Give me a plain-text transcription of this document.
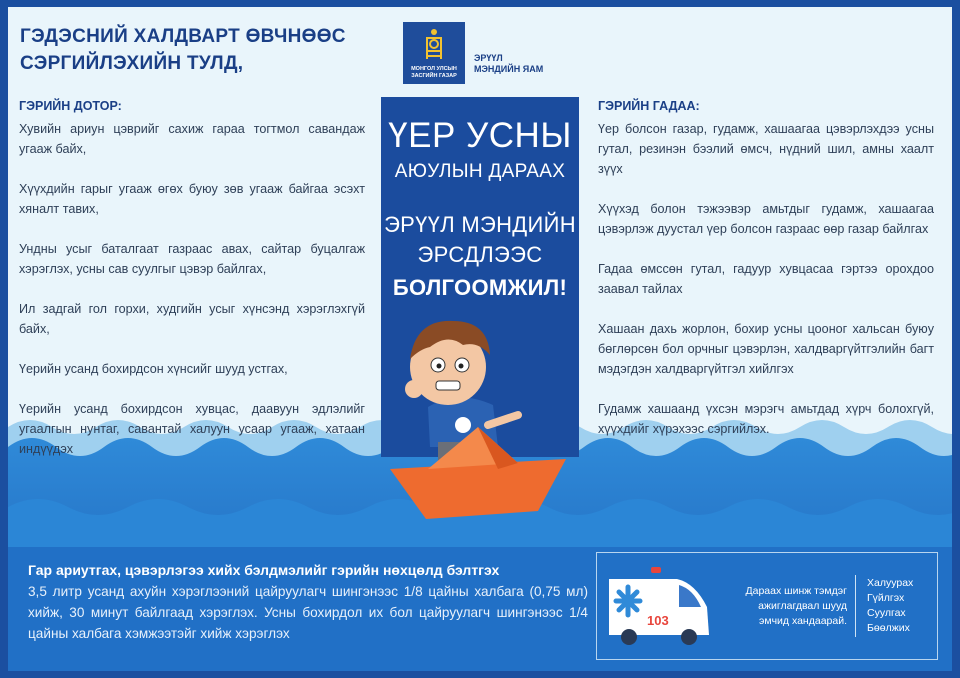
ГЭДЭСНИЙ ХАЛДВАРТ ӨВЧНӨӨС
СЭРГИЙЛЭХИЙН ТУЛД,	МОНГОЛ УЛСЫН
ЗАСГИЙН ГАЗАР
ЭРҮҮЛ
МЭНДИЙН ЯАМ
ГЭРИЙН ДОТОР:

Хувийн ариун цэврийг сахиж гараа тогтмол савандаж угааж байх,

Хүүхдийн гарыг угааж өгөх буюу зөв угааж байгаа эсэхт хяналт тавих,

Ундны усыг баталгаат газраас авах, сайтар буцалгаж хэрэглэх, усны сав суулгыг цэвэр байлгах,

Ил задгай гол горхи, худгийн усыг хүнсэнд хэрэглэхгүй байх,

Үерийн усанд бохирдсон хүнсийг шууд устгах,

Үерийн усанд бохирдсон хувцас, даавуун эдлэлийг угаалгын нунтаг, савантай халуун усаар угааж, хатаан индүүдэх

ГЭРИЙН ГАДАА:

Үер болсон газар, гудамж, хашаагаа цэвэрлэхдээ усны гутал, резинэн бээлий өмсч, нүдний шил, амны хаалт зүүх

Хүүхэд болон тэжээвэр амьтдыг гудамж, хашаагаа цэвэрлэж дуустал үер болсон газраас өөр газар байлгах

Гадаа өмссөн гутал, гадуур хувцасаа гэртээ орохдоо заавал тайлах

Хашаан дахь жорлон, бохир усны цооног хальсан буюу бөглөрсөн бол орчныг цэвэрлэн, халдваргүйтгэлийн багт мэдэгдэн халдваргүйтгэл хийлгэх

Гудамж хашаанд үхсэн мэрэгч амьтдад хүрч болохгүй, хүүхдийг хүрэхээс сэргийлэх.

ҮЕР УСНЫ
АЮУЛЫН ДАРААХ
ЭРҮҮЛ МЭНДИЙН
ЭРСДЛЭЭС
БОЛГООМЖИЛ!
Гар ариутгах, цэвэрлэгээ хийх бэлдмэлийг гэрийн нөхцөлд бэлтгэх

3,5 литр усанд ахуйн хэрэглээний цайруулагч шингэнээс 1/8 цайны халбага (0,75 мл) хийж, 30 минут байлгаад хэрэглэх. Усны бохирдол их бол цайруулагч шингэнээс 1/4 цайны халбага хэмжээтэйг хийж хэрэглэх

103
Дараах шинж тэмдэг
ажиглагдвал шууд
эмчид хандаарай.
Халуурах
Гүйлгэх
Суулгах
Бөөлжих
